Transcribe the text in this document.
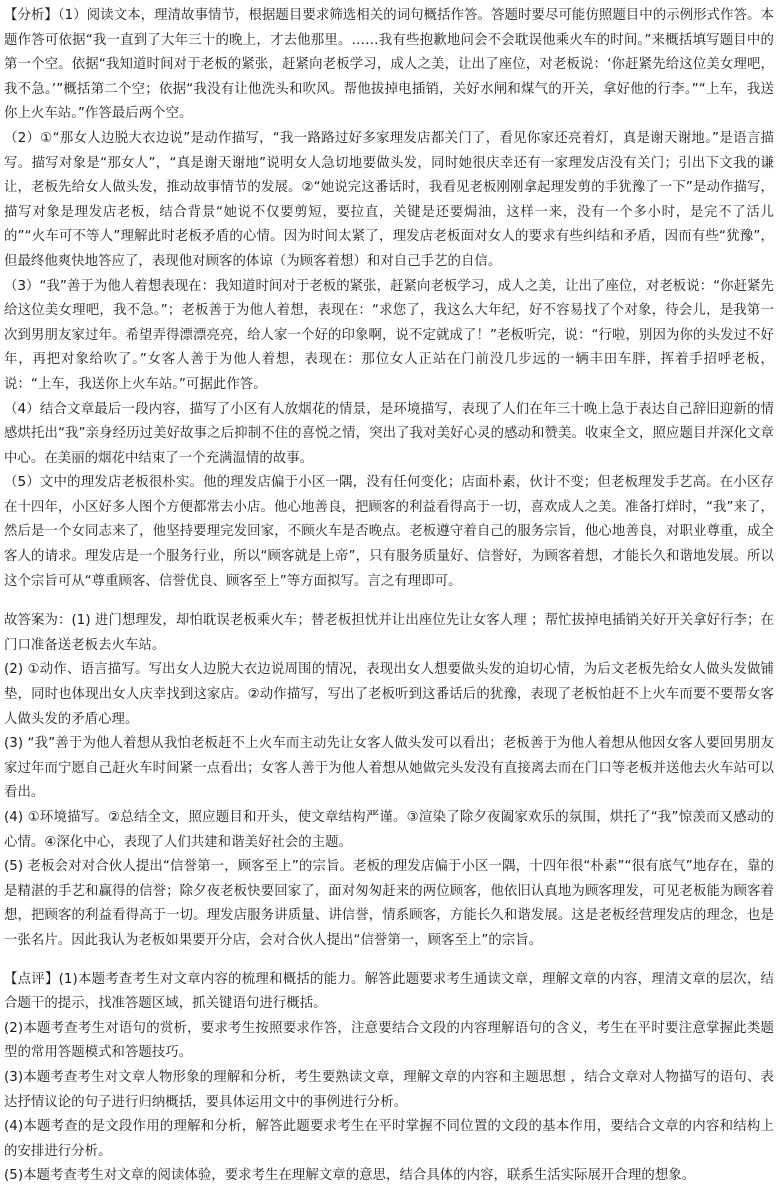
【分析】（1）阅读文本，理清故事情节，根据题目要求筛选相关的词句概括作答。答题时要尽可能仿照题目中的示例形式作答。本题作答可依据“我一直到了大年三十的晚上，才去他那里。……我有些抱歉地问会不会耽误他乘火车的时间。”来概括填写题目中的第一个空。依据“我知道时间对于老板的紧张，赶紧向老板学习，成人之美，让出了座位，对老板说：‘你赶紧先给这位美女理吧，我不急。’”概括第二个空；依据“我没有让他洗头和吹风。帮他拔掉电插销，关好水闸和煤气的开关，拿好他的行李。”“上车，我送你上火车站。”作答最后两个空。

（2）①“那女人边脱大衣边说”是动作描写，“我一路路过好多家理发店都关门了，看见你家还亮着灯，真是谢天谢地。”是语言描写。描写对象是“那女人”，“真是谢天谢地”说明女人急切地要做头发，同时她很庆幸还有一家理发店没有关门；引出下文我的谦让，老板先给女人做头发，推动故事情节的发展。②“她说完这番话时，我看见老板刚刚拿起理发剪的手犹豫了一下”是动作描写，描写对象是理发店老板，结合背景“她说不仅要剪短，要拉直，关键是还要焗油，这样一来，没有一个多小时，是完不了活儿的”“火车可不等人”理解此时老板矛盾的心情。因为时间太紧了，理发店老板面对女人的要求有些纠结和矛盾，因而有些“犹豫”，但最终他爽快地答应了，表现他对顾客的体谅（为顾客着想）和对自己手艺的自信。

（3）“我”善于为他人着想表现在：我知道时间对于老板的紧张，赶紧向老板学习，成人之美，让出了座位，对老板说：“你赶紧先给这位美女理吧，我不急。”；老板善于为他人着想，表现在：“求您了，我这么大年纪，好不容易找了个对象，待会儿，是我第一次到男朋友家过年。希望弄得漂漂亮亮，给人家一个好的印象啊，说不定就成了！”老板听完，说：“行啦，别因为你的头发过不好年，再把对象给吹了。”女客人善于为他人着想，表现在：那位女人正站在门前没几步远的一辆丰田车胖，挥着手招呼老板，说：“上车，我送你上火车站。”可据此作答。

（4）结合文章最后一段内容，描写了小区有人放烟花的情景，是环境描写，表现了人们在年三十晚上急于表达自己辞旧迎新的情感烘托出“我”亲身经历过美好故事之后抑制不住的喜悦之情，突出了我对美好心灵的感动和赞美。收束全文，照应题目并深化文章中心。在美丽的烟花中结束了一个充满温情的故事。

（5）文中的理发店老板很朴实。他的理发店偏于小区一隅，没有任何变化；店面朴素，伙计不变；但老板理发手艺高。在小区存在十四年，小区好多人图个方便都常去小店。他心地善良，把顾客的利益看得高于一切，喜欢成人之美。准备打烊时，“我”来了，然后是一个女同志来了，他坚持要理完发回家，不顾火车是否晚点。老板遵守着自己的服务宗旨，他心地善良，对职业尊重，成全客人的请求。理发店是一个服务行业，所以“顾客就是上帝”，只有服务质量好、信誉好，为顾客着想，才能长久和谐地发展。所以这个宗旨可从“尊重顾客、信誉优良、顾客至上”等方面拟写。言之有理即可。

故答案为：(1) 进门想理发，却怕耽误老板乘火车；替老板担忧并让出座位先让女客人理 ；帮忙拔掉电插销关好开关拿好行李；在门口准备送老板去火车站。

(2) ①动作、语言描写。写出女人边脱大衣边说周围的情况，表现出女人想要做头发的迫切心情，为后文老板先给女人做头发做铺垫，同时也体现出女人庆幸找到这家店。②动作描写，写出了老板听到这番话后的犹豫，表现了老板怕赶不上火车而要不要帮女客人做头发的矛盾心理。

(3) “我”善于为他人着想从我怕老板赶不上火车而主动先让女客人做头发可以看出；老板善于为他人着想从他因女客人要回男朋友家过年而宁愿自己赶火车时间紧一点看出；女客人善于为他人着想从她做完头发没有直接离去而在门口等老板并送他去火车站可以看出。

(4) ①环境描写。②总结全文，照应题目和开头，使文章结构严谨。③渲染了除夕夜阖家欢乐的氛围，烘托了“我”惊羡而又感动的心情。④深化中心，表现了人们共建和谐美好社会的主题。

(5) 老板会对对合伙人提出“信誉第一，顾客至上”的宗旨。老板的理发店偏于小区一隅，十四年很“朴素”“很有底气”地存在，靠的是精湛的手艺和赢得的信誉；除夕夜老板快要回家了，面对匆匆赶来的两位顾客，他依旧认真地为顾客理发，可见老板能为顾客着想，把顾客的利益看得高于一切。理发店服务讲质量、讲信誉，情系顾客，方能长久和谐发展。这是老板经营理发店的理念，也是一张名片。因此我认为老板如果要开分店，会对合伙人提出“信誉第一，顾客至上”的宗旨。

【点评】(1)本题考查考生对文章内容的梳理和概括的能力。解答此题要求考生通读文章，理解文章的内容，理清文章的层次，结合题干的提示，找准答题区域，抓关键语句进行概括。

(2)本题考查考生对语句的赏析，要求考生按照要求作答，注意要结合文段的内容理解语句的含义，考生在平时要注意掌握此类题型的常用答题模式和答题技巧。

(3)本题考查考生对文章人物形象的理解和分析，考生要熟读文章，理解文章的内容和主题思想 ，结合文章对人物描写的语句、表达抒情议论的句子进行归纳概括，要具体运用文中的事例进行分析。

(4)本题考查的是文段作用的理解和分析，解答此题要求考生在平时掌握不同位置的文段的基本作用，要结合文章的内容和结构上的安排进行分析。

(5)本题考查考生对文章的阅读体验，要求考生在理解文章的意思，结合具体的内容，联系生活实际展开合理的想象。
